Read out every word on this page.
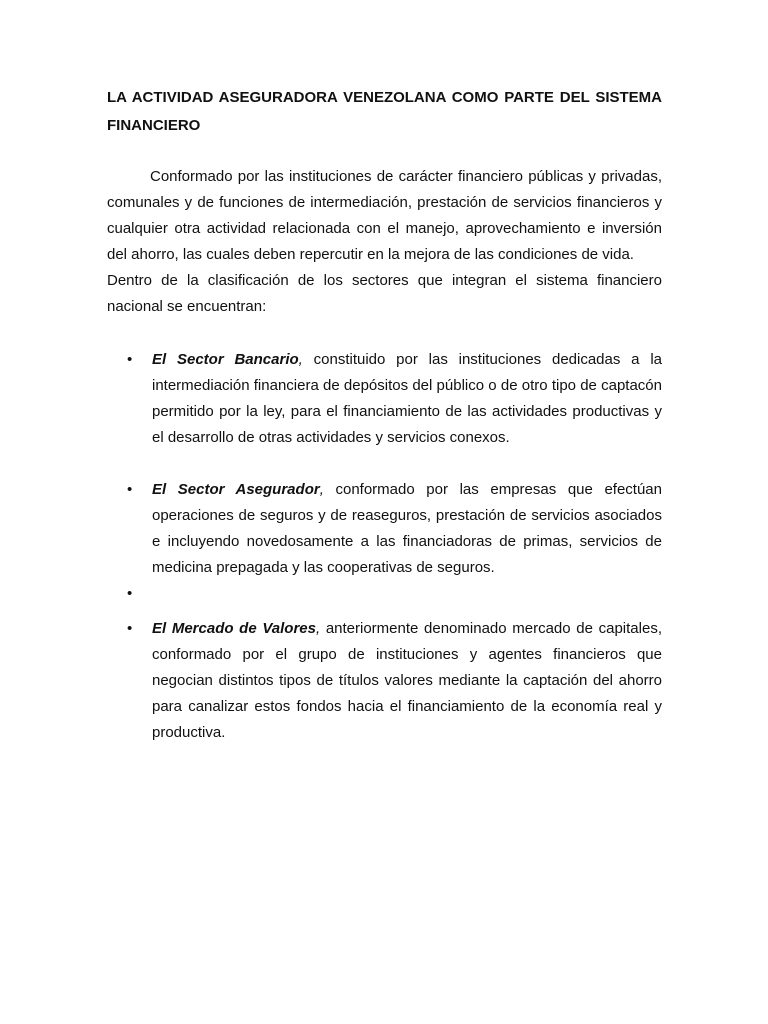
LA ACTIVIDAD ASEGURADORA VENEZOLANA COMO PARTE DEL SISTEMA FINANCIERO

Conformado por las instituciones de carácter financiero públicas y privadas, comunales y de funciones de intermediación, prestación de servicios financieros y cualquier otra actividad relacionada con el manejo, aprovechamiento e inversión del ahorro, las cuales deben repercutir en la mejora de las condiciones de vida.

Dentro de la clasificación de los sectores que integran el sistema financiero nacional se encuentran:

• El Sector Bancario, constituido por las instituciones dedicadas a la intermediación financiera de depósitos del público o de otro tipo de captacón permitido por la ley, para el financiamiento de las actividades productivas y el desarrollo de otras actividades y servicios conexos.
• El Sector Asegurador, conformado por las empresas que efectúan operaciones de seguros y de reaseguros, prestación de servicios asociados e incluyendo novedosamente a las financiadoras de primas, servicios de medicina prepagada y las cooperativas de seguros.
•
• El Mercado de Valores, anteriormente denominado mercado de capitales, conformado por el grupo de instituciones y agentes financieros que negocian distintos tipos de títulos valores mediante la captación del ahorro para canalizar estos fondos hacia el financiamiento de la economía real y productiva.
